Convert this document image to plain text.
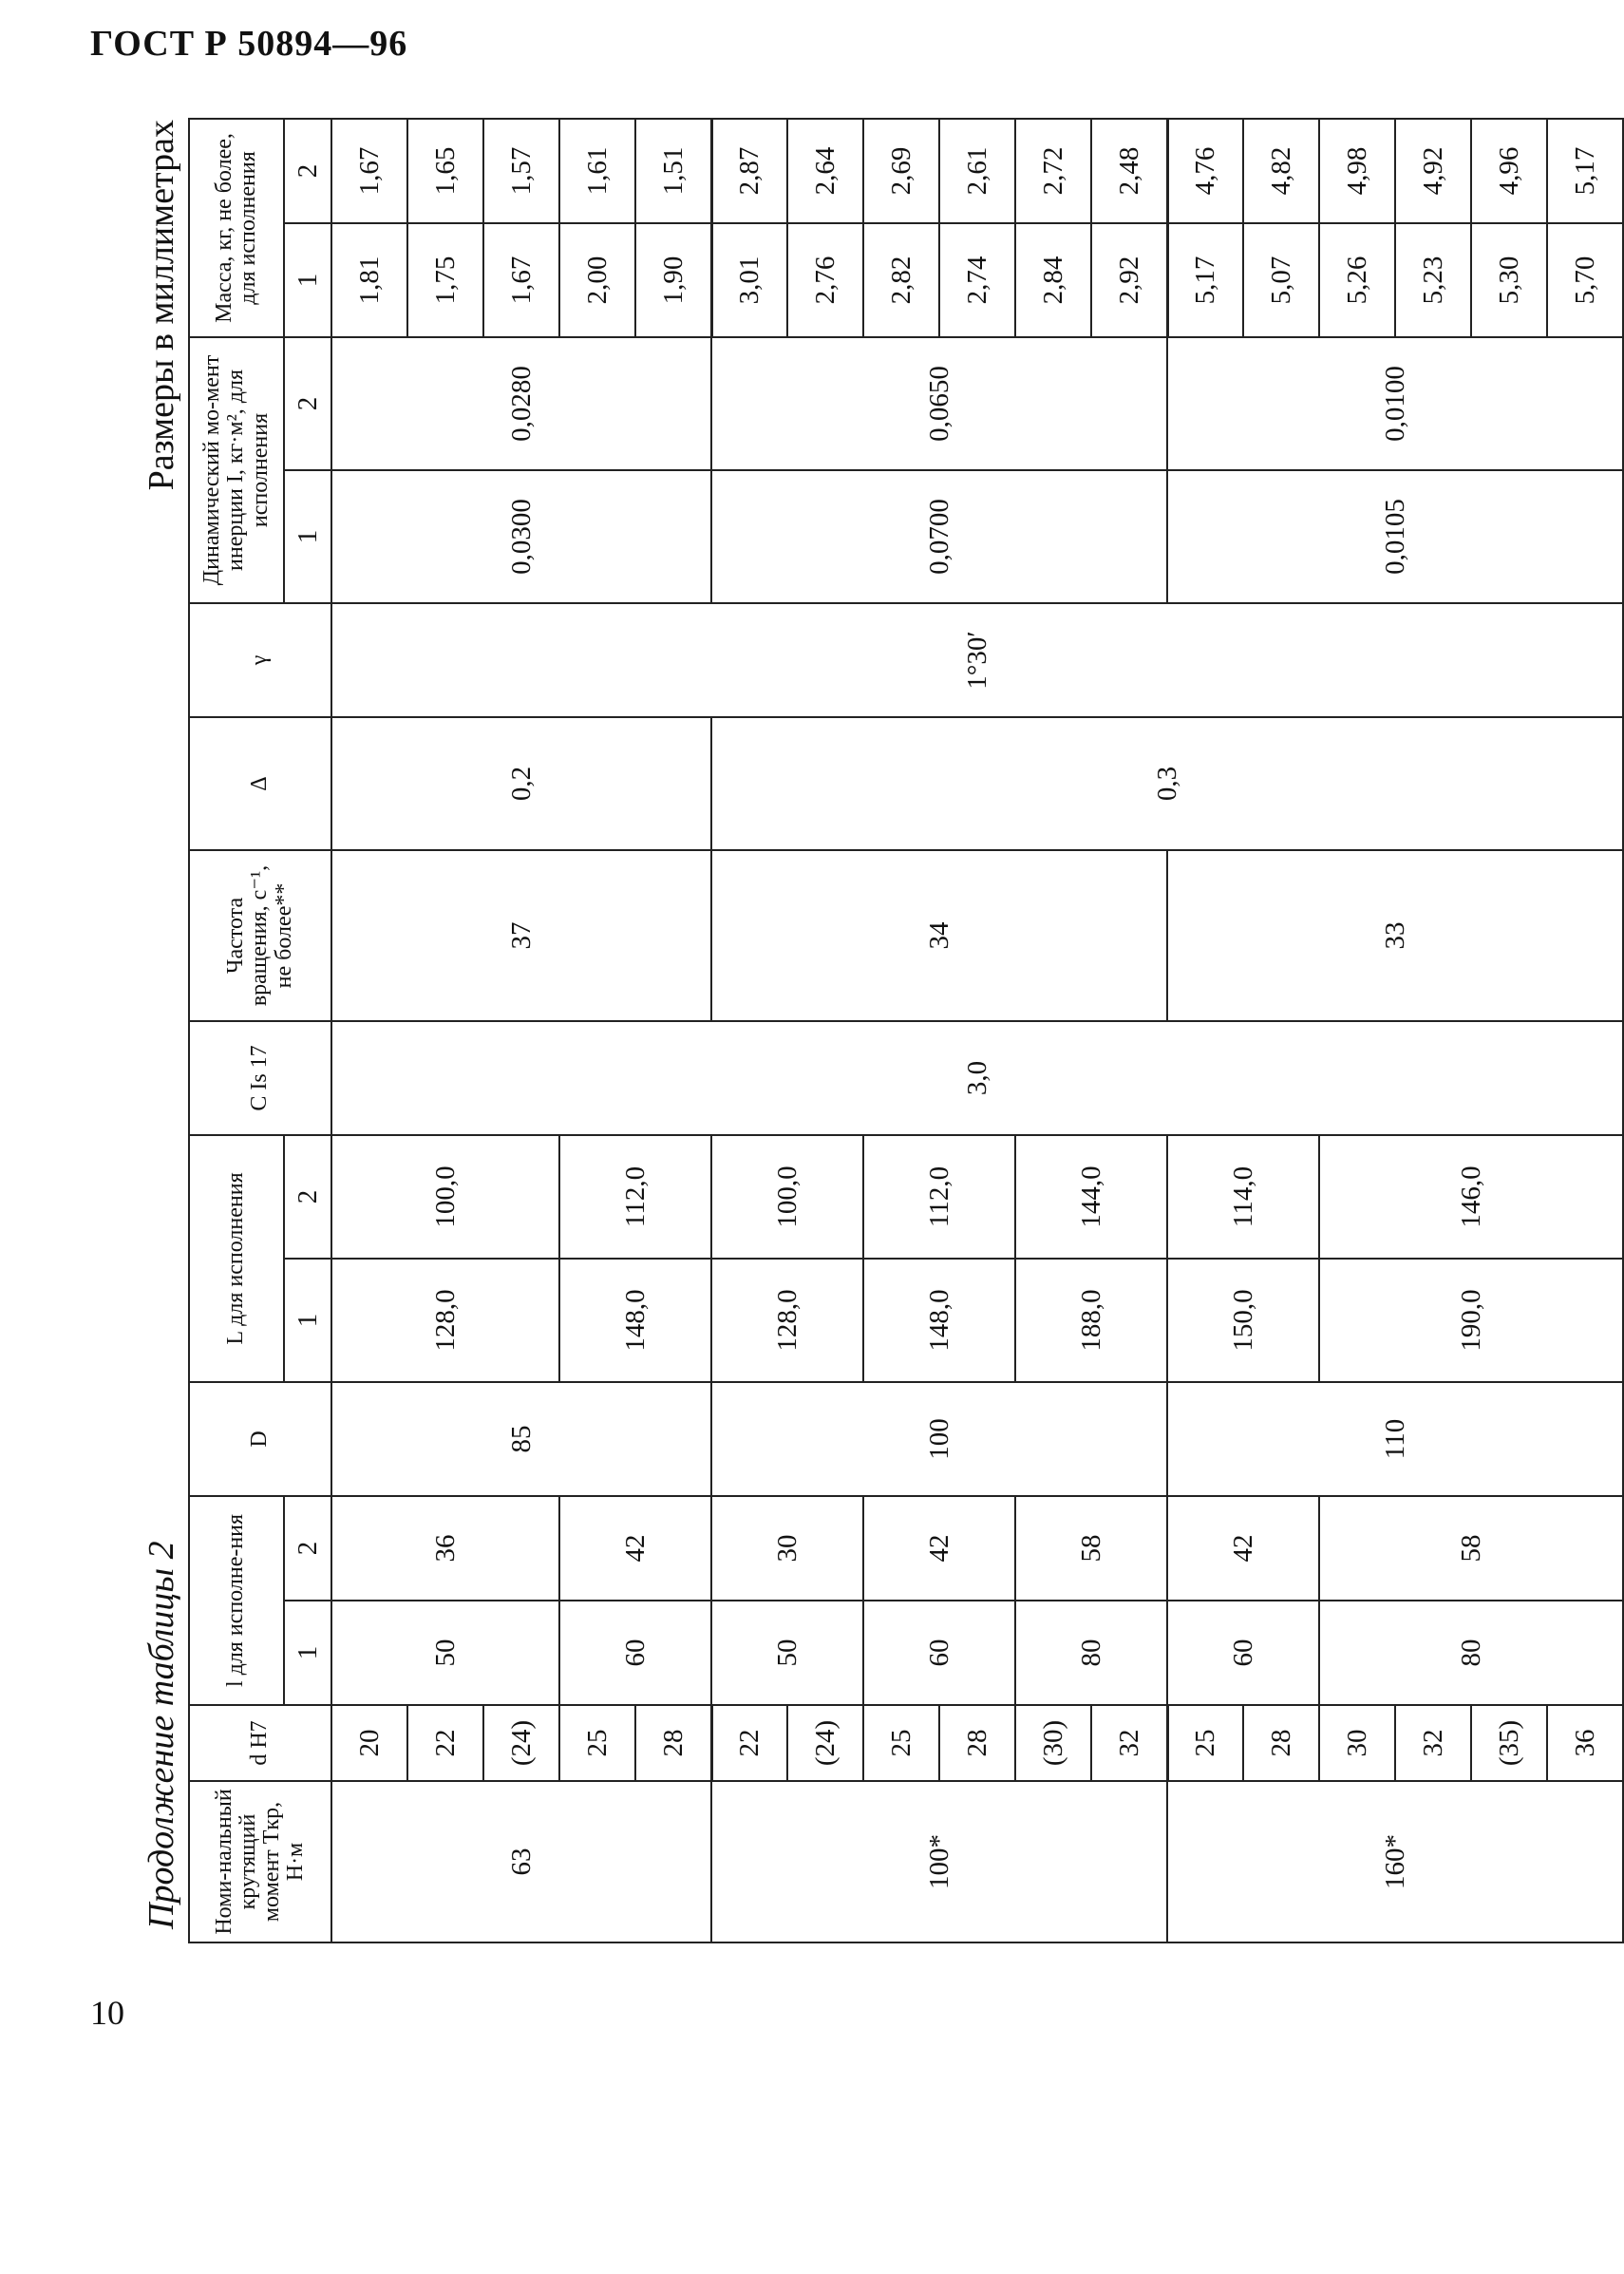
ГОСТ Р 50894—96
10
Продолжение таблицы 2
Размеры в миллиметрах
Номи-нальный крутящий момент Tкр, Н·м	d H7	l для исполне-ния		D	L для исполнения		C Is 17	Частота вращения, с⁻¹, не более**	Δ	γ	Динамический мо-мент инерции I, кг·м², для исполнения		Масса, кг, не более, для исполнения	
		1	2		1	2					1	2	1	2
63	20	50	36	85	128,0	100,0	3,0	37	0,2	1°30′	0,0300	0,0280	1,81	1,67
	22												1,75	1,65
	(24)												1,67	1,57
	25	60	42		148,0	112,0							2,00	1,61
	28												1,90	1,51
100*	22	50	30	100	128,0	100,0		34	0,3		0,0700	0,0650	3,01	2,87
	(24)												2,76	2,64
	25	60	42		148,0	112,0							2,82	2,69
	28												2,74	2,61
	(30)	80	58		188,0	144,0							2,84	2,72
	32												2,92	2,48
160*	25	60	42	110	150,0	114,0		33			0,0105	0,0100	5,17	4,76
	28												5,07	4,82
	30	80	58		190,0	146,0							5,26	4,98
	32												5,23	4,92
	(35)												5,30	4,96
	36												5,70	5,17
